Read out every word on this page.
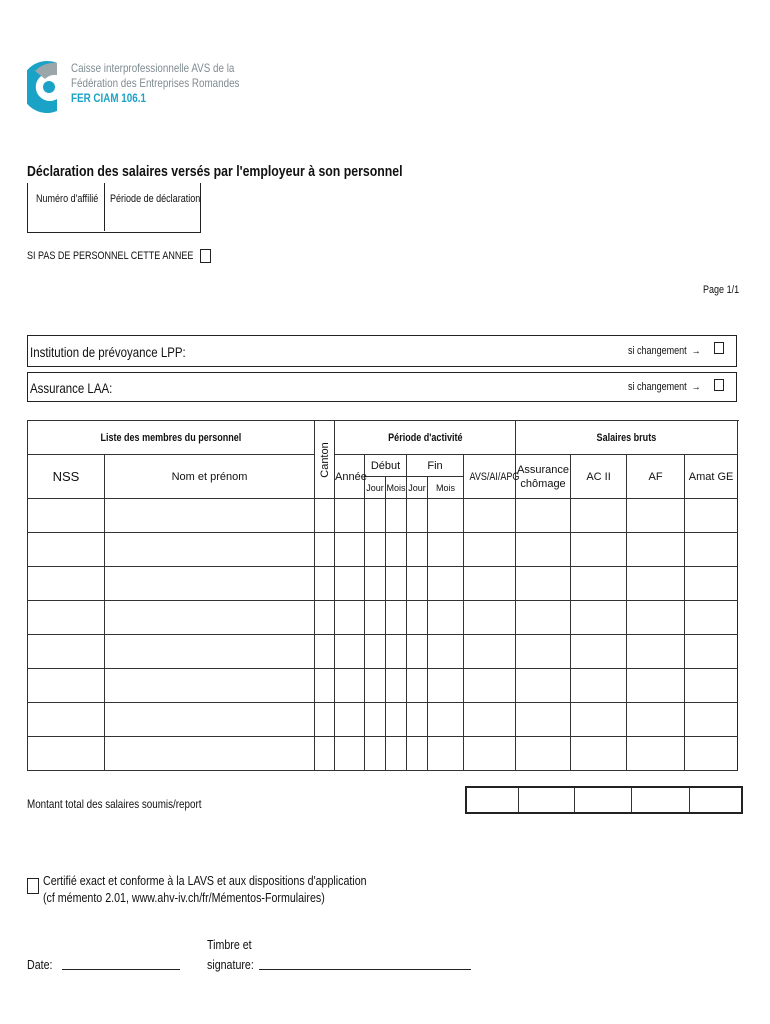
Caisse interprofessionnelle AVS de la
Fédération des Entreprises Romandes
FER CIAM 106.1
Déclaration des salaires versés par l'employeur à son personnel
Numéro d'affilié Période de déclaration
SI PAS DE PERSONNEL CETTE ANNEE
Page 1/1
Institution de prévoyance LPP:	si changement →
Assurance LAA:	si changement →
Liste des membres du personnel		Canton	Période d'activité						Salaires bruts			
NSS	Nom et prénom		Année	Début		Fin		AVS/AI/APG	Assurance chômage	AC II	AF	Amat GE
				Jour	Mois	Jour	Mois					

Montant total des salaires soumis/report

Certifié exact et conforme à la LAVS et aux dispositions d'application
(cf mémento 2.01, www.ahv-iv.ch/fr/Mémentos-Formulaires)
Date:
Timbre et
signature:
